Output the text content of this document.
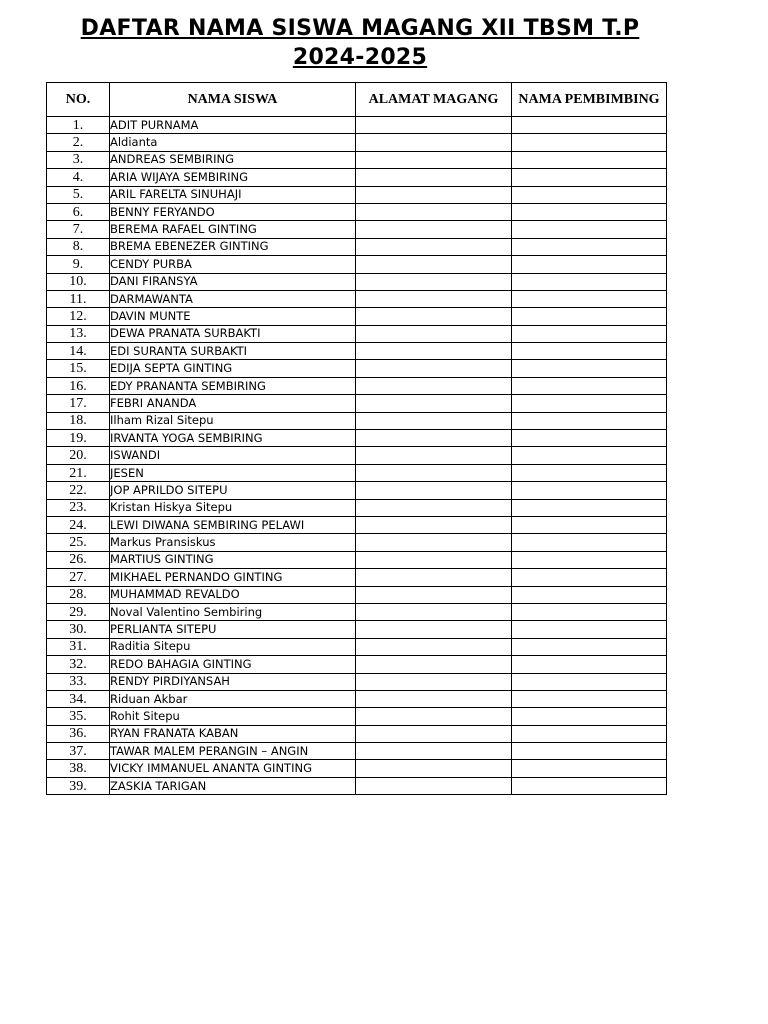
DAFTAR NAMA SISWA MAGANG XII TBSM T.P
2024-2025
NO.	NAMA SISWA	ALAMAT MAGANG	NAMA PEMBIMBING
1.	ADIT PURNAMA		
2.	Aldianta		
3.	ANDREAS SEMBIRING		
4.	ARIA WIJAYA SEMBIRING		
5.	ARIL FARELTA SINUHAJI		
6.	BENNY FERYANDO		
7.	BEREMA RAFAEL GINTING		
8.	BREMA EBENEZER GINTING		
9.	CENDY PURBA		
10.	DANI FIRANSYA		
11.	DARMAWANTA		
12.	DAVIN MUNTE		
13.	DEWA PRANATA SURBAKTI		
14.	EDI SURANTA SURBAKTI		
15.	EDIJA SEPTA GINTING		
16.	EDY PRANANTA SEMBIRING		
17.	FEBRI ANANDA		
18.	Ilham Rizal Sitepu		
19.	IRVANTA YOGA SEMBIRING		
20.	ISWANDI		
21.	JESEN		
22.	JOP APRILDO SITEPU		
23.	Kristan Hiskya Sitepu		
24.	LEWI DIWANA SEMBIRING PELAWI		
25.	Markus Pransiskus		
26.	MARTIUS GINTING		
27.	MIKHAEL PERNANDO GINTING		
28.	MUHAMMAD REVALDO		
29.	Noval Valentino Sembiring		
30.	PERLIANTA SITEPU		
31.	Raditia Sitepu		
32.	REDO BAHAGIA GINTING		
33.	RENDY PIRDIYANSAH		
34.	Riduan Akbar		
35.	Rohit Sitepu		
36.	RYAN FRANATA KABAN		
37.	TAWAR MALEM PERANGIN – ANGIN		
38.	VICKY IMMANUEL ANANTA GINTING		
39.	ZASKIA TARIGAN		
